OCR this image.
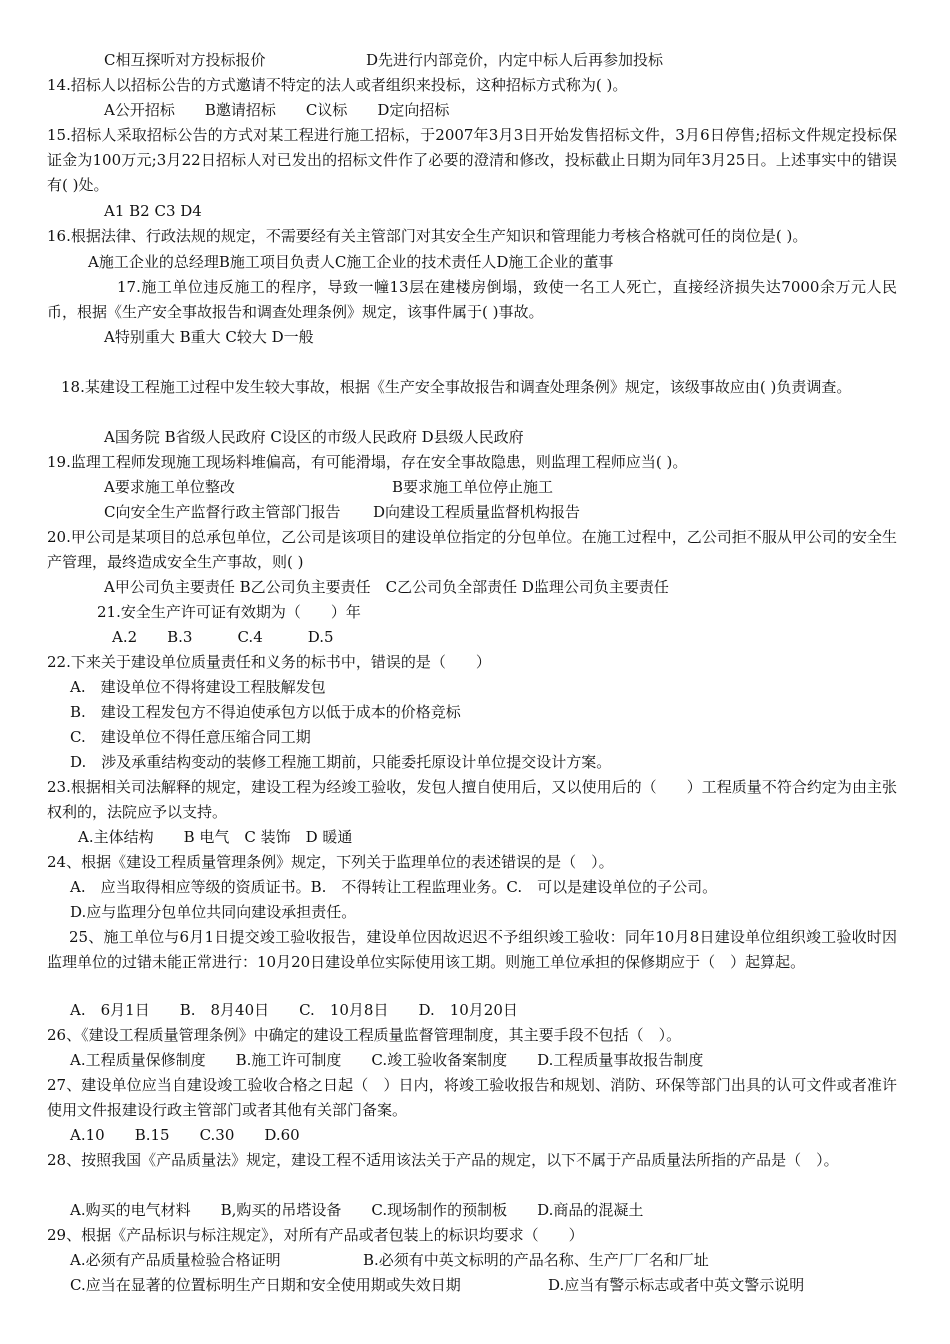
C相互探听对方投标报价	D先进行内部竞价，内定中标人后再参加投标
14.招标人以招标公告的方式邀请不特定的法人或者组织来投标，这种招标方式称为( )。
A公开招标　　B邀请招标　　C议标　　D定向招标
15.招标人采取招标公告的方式对某工程进行施工招标，于2007年3月3日开始发售招标文件，3月6日停售;招标文件规定投标保证金为100万元;3月22日招标人对已发出的招标文件作了必要的澄清和修改，投标截止日期为同年3月25日。上述事实中的错误有( )处。
A1 B2 C3 D4
16.根据法律、行政法规的规定，不需要经有关主管部门对其安全生产知识和管理能力考核合格就可任的岗位是( )。
A施工企业的总经理B施工项目负责人C施工企业的技术责任人D施工企业的董事
17.施工单位违反施工的程序，导致一幢13层在建楼房倒塌，致使一名工人死亡，直接经济损失达7000余万元人民币，根据《生产安全事故报告和调查处理条例》规定，该事件属于( )事故。
A特别重大 B重大 C较大 D一般
18.某建设工程施工过程中发生较大事故，根据《生产安全事故报告和调查处理条例》规定，该级事故应由( )负责调查。
A国务院 B省级人民政府 C设区的市级人民政府 D县级人民政府
19.监理工程师发现施工现场料堆偏高，有可能滑塌，存在安全事故隐患，则监理工程师应当( )。
A要求施工单位整改	B要求施工单位停止施工
C向安全生产监督行政主管部门报告 D向建设工程质量监督机构报告
20.甲公司是某项目的总承包单位，乙公司是该项目的建设单位指定的分包单位。在施工过程中，乙公司拒不服从甲公司的安全生产管理，最终造成安全生产事故，则( )
A甲公司负主要责任 B乙公司负主要责任　C乙公司负全部责任 D监理公司负主要责任
21.安全生产许可证有效期为（　　）年
A.2　　B.3　　　C.4　　　D.5
22.下来关于建设单位质量责任和义务的标书中，错误的是（　　）
A.　建设单位不得将建设工程肢解发包
B.　建设工程发包方不得迫使承包方以低于成本的价格竞标
C.　建设单位不得任意压缩合同工期
D.　涉及承重结构变动的装修工程施工期前，只能委托原设计单位提交设计方案。
23.根据相关司法解释的规定，建设工程为经竣工验收，发包人擅自使用后，又以使用后的（　　）工程质量不符合约定为由主张权利的，法院应予以支持。
A.主体结构　　B 电气　C 装饰　D 暖通
24、根据《建设工程质量管理条例》规定，下列关于监理单位的表述错误的是（　）。
A.　应当取得相应等级的资质证书。B.　不得转让工程监理业务。C.　可以是建设单位的子公司。
D.应与监理分包单位共同向建设承担责任。
25、施工单位与6月1日提交竣工验收报告，建设单位因故迟迟不予组织竣工验收：同年10月8日建设单位组织竣工验收时因监理单位的过错未能正常进行：10月20日建设单位实际使用该工期。则施工单位承担的保修期应于（　）起算起。
A.　6月1日　　B.　8月40日　　C.　10月8日　　D.　10月20日
26、《建设工程质量管理条例》中确定的建设工程质量监督管理制度，其主要手段不包括（　）。
A.工程质量保修制度　　B.施工许可制度　　C.竣工验收备案制度　　D.工程质量事故报告制度
27、建设单位应当自建设竣工验收合格之日起（　）日内，将竣工验收报告和规划、消防、环保等部门出具的认可文件或者准许使用文件报建设行政主管部门或者其他有关部门备案。
A.10　　B.15　　C.30　　D.60
28、按照我国《产品质量法》规定，建设工程不适用该法关于产品的规定，以下不属于产品质量法所指的产品是（　）。
A.购买的电气材料　　B,购买的吊塔设备　　C.现场制作的预制板　　D.商品的混凝土
29、根据《产品标识与标注规定》，对所有产品或者包装上的标识均要求（　　）
A.必须有产品质量检验合格证明	B.必须有中英文标明的产品名称、生产厂厂名和厂址
C.应当在显著的位置标明生产日期和安全使用期或失效日期	D.应当有警示标志或者中英文警示说明
